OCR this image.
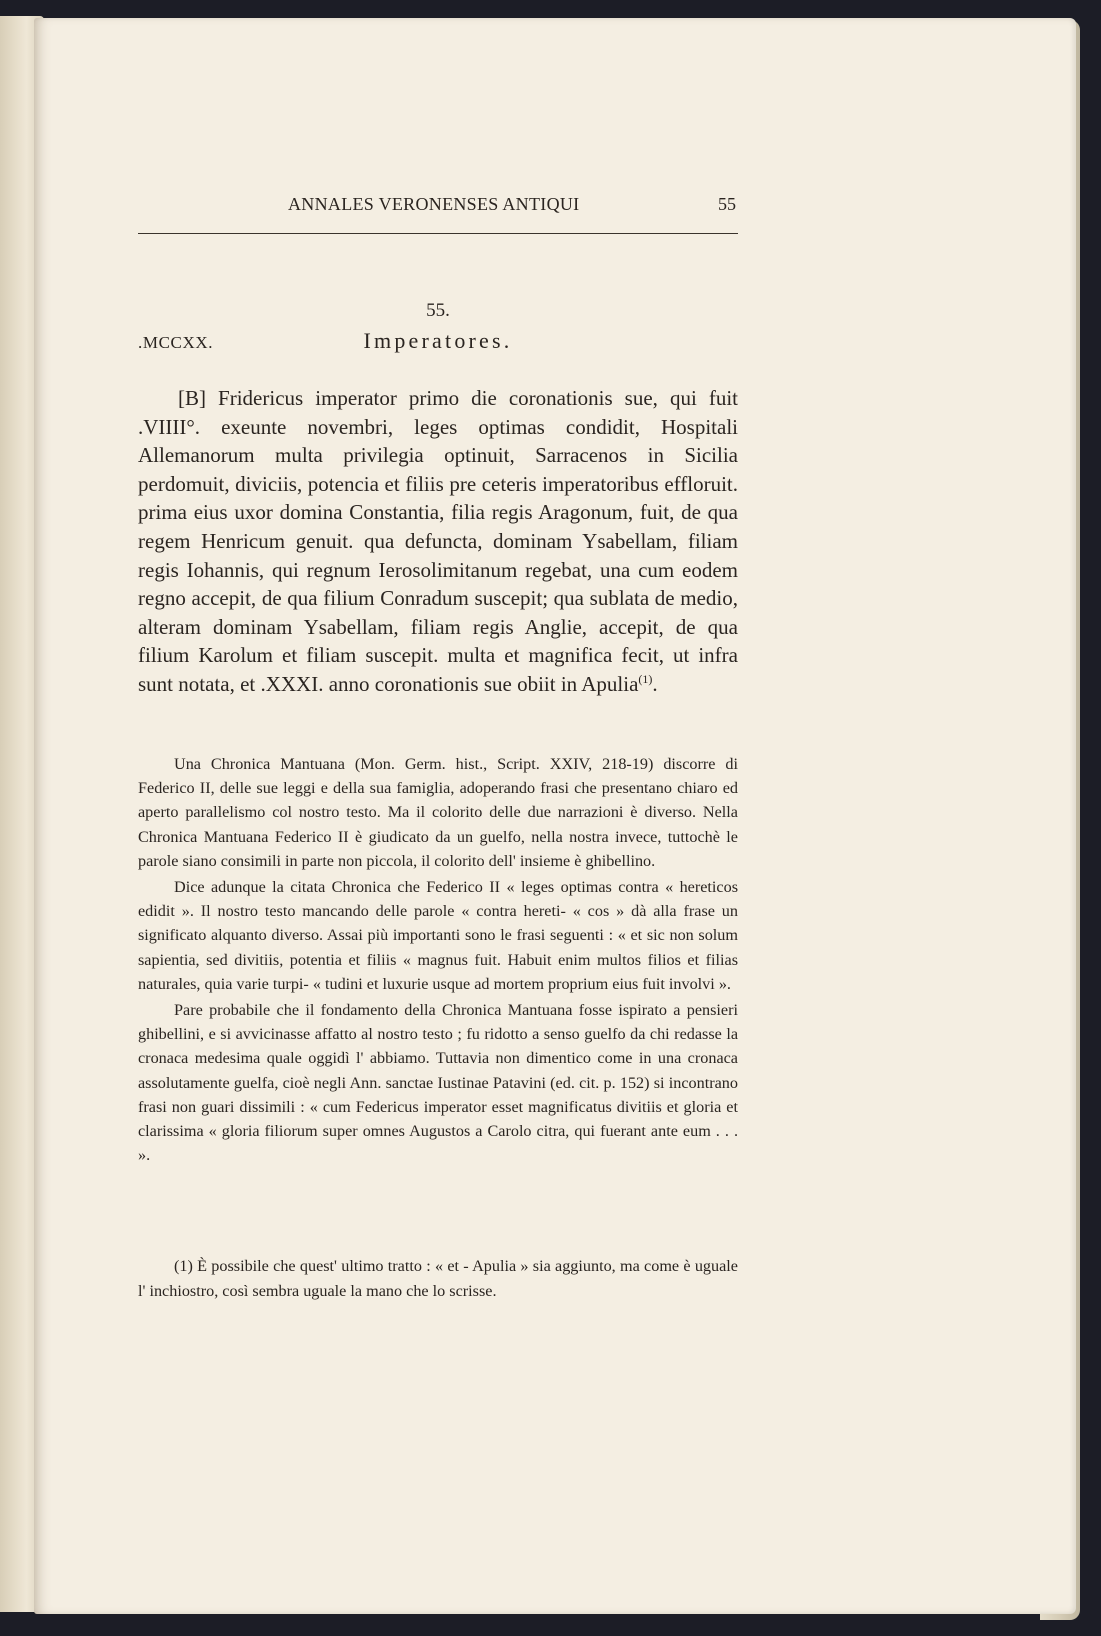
ANNALES VERONENSES ANTIQUI	55
55.
.MCCXX.	Imperatores.

[B] Fridericus imperator primo die coronationis sue, qui fuit .VIIII°. exeunte novembri, leges optimas condidit, Hospitali Allemanorum multa privilegia optinuit, Sarracenos in Sicilia perdomuit, diviciis, potencia et filiis pre ceteris imperatoribus effloruit. prima eius uxor domina Constantia, filia regis Aragonum, fuit, de qua regem Henricum genuit. qua defuncta, dominam Ysabellam, filiam regis Iohannis, qui regnum Ierosolimitanum regebat, una cum eodem regno accepit, de qua filium Conradum suscepit; qua sublata de medio, alteram dominam Ysabellam, filiam regis Anglie, accepit, de qua filium Karolum et filiam suscepit. multa et magnifica fecit, ut infra sunt notata, et .XXXI. anno coronationis sue obiit in Apulia$^{(1)}$.

Una Chronica Mantuana (Mon. Germ. hist., Script. XXIV, 218-19) discorre di Federico II, delle sue leggi e della sua famiglia, adoperando frasi che presentano chiaro ed aperto parallelismo col nostro testo. Ma il colorito delle due narrazioni è diverso. Nella Chronica Mantuana Federico II è giudicato da un guelfo, nella nostra invece, tuttochè le parole siano consimili in parte non piccola, il colorito dell' insieme è ghibellino.

Dice adunque la citata Chronica che Federico II « leges optimas contra « hereticos edidit ». Il nostro testo mancando delle parole « contra hereti- « cos » dà alla frase un significato alquanto diverso. Assai più importanti sono le frasi seguenti : « et sic non solum sapientia, sed divitiis, potentia et filiis « magnus fuit. Habuit enim multos filios et filias naturales, quia varie turpi- « tudini et luxurie usque ad mortem proprium eius fuit involvi ».

Pare probabile che il fondamento della Chronica Mantuana fosse ispirato a pensieri ghibellini, e si avvicinasse affatto al nostro testo ; fu ridotto a senso guelfo da chi redasse la cronaca medesima quale oggidì l' abbiamo. Tuttavia non dimentico come in una cronaca assolutamente guelfa, cioè negli Ann. sanctae Iustinae Patavini (ed. cit. p. 152) si incontrano frasi non guari dissimili : « cum Federicus imperator esset magnificatus divitiis et gloria et clarissima « gloria filiorum super omnes Augustos a Carolo citra, qui fuerant ante eum . . . ».

(1) È possibile che quest' ultimo tratto : « et - Apulia » sia aggiunto, ma come è uguale l' inchiostro, così sembra uguale la mano che lo scrisse.
